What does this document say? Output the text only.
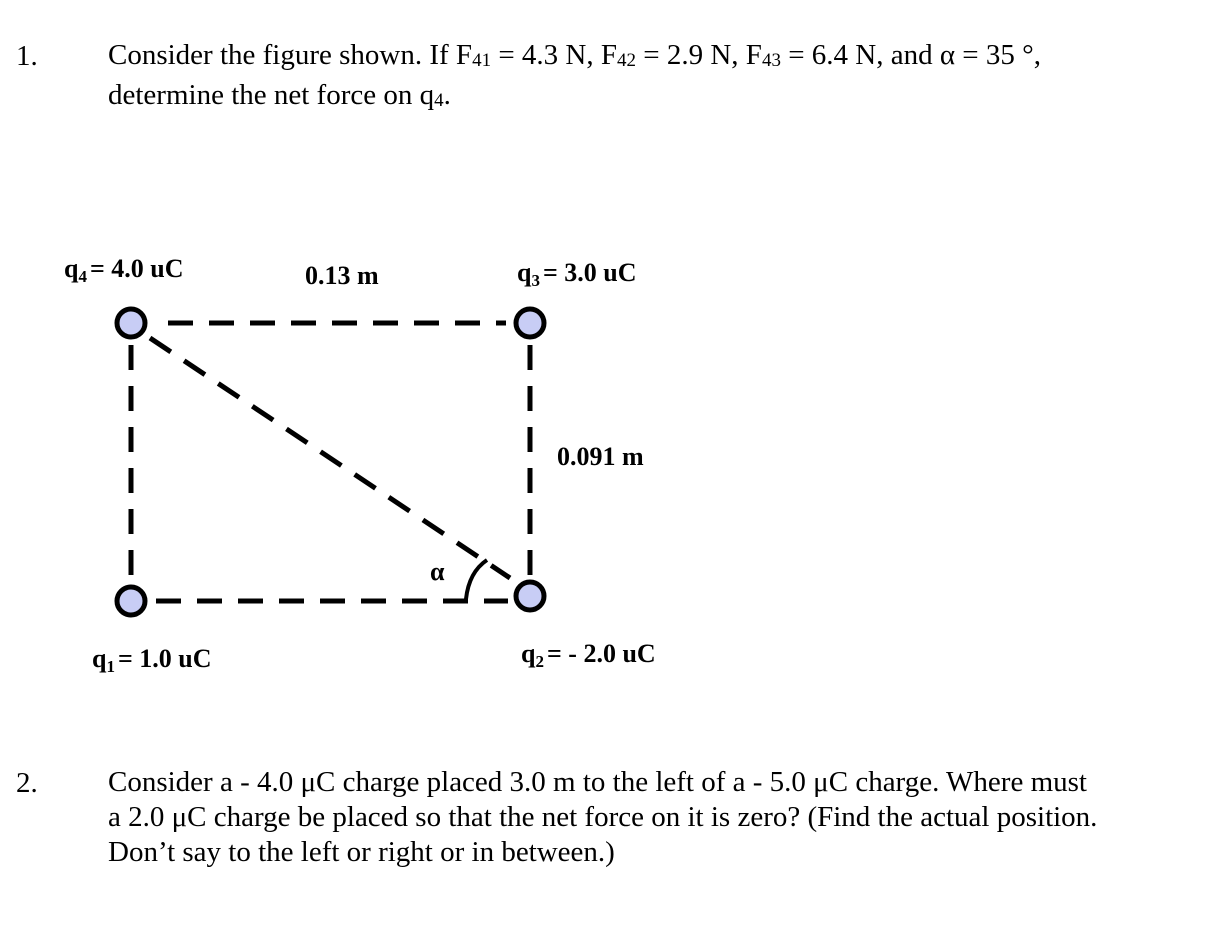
1. Consider the figure shown. If F41 = 4.3 N, F42 = 2.9 N, F43 = 6.4 N, and α = 35 °,
determine the net force on q4.
q4 = 4.0 uC	0.13 m	q3 = 3.0 uC
0.091 m
α
q1 = 1.0 uC	q2 = - 2.0 uC
2. Consider a - 4.0 μC charge placed 3.0 m to the left of a - 5.0 μC charge. Where must
a 2.0 μC charge be placed so that the net force on it is zero? (Find the actual position.
Don’t say to the left or right or in between.)
